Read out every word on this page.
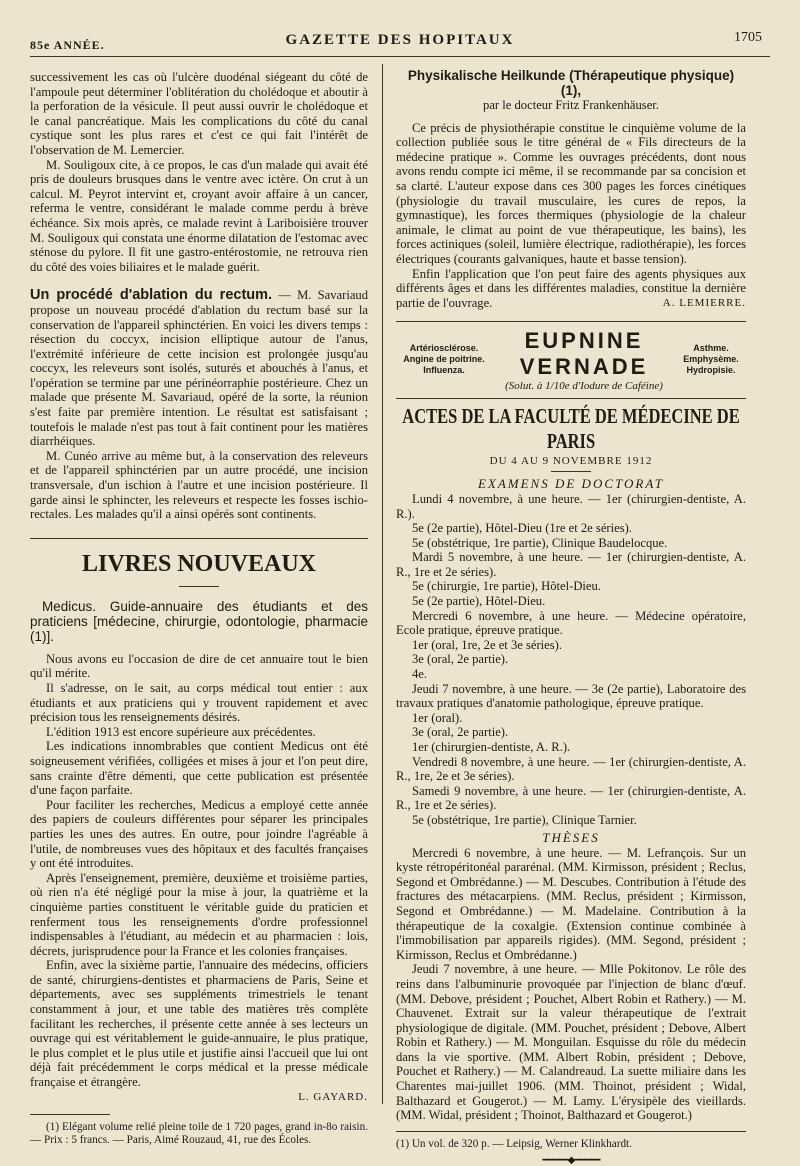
85e ANNÉE.	GAZETTE DES HOPITAUX	1705

successivement les cas où l'ulcère duodénal siégeant du côté de l'ampoule peut déterminer l'oblitération du cholédoque et aboutir à la perforation de la vésicule. Il peut aussi ouvrir le cholédoque et le canal pancréatique. Mais les complications du côté du canal cystique sont les plus rares et c'est ce qui fait l'intérêt de l'observation de M. Lemercier.

M. Souligoux cite, à ce propos, le cas d'un malade qui avait été pris de douleurs brusques dans le ventre avec ictère. On crut à un calcul. M. Peyrot intervint et, croyant avoir affaire à un cancer, referma le ventre, considérant le malade comme perdu à brève échéance. Six mois après, ce malade revint à Lariboisière trouver M. Souligoux qui constata une énorme dilatation de l'estomac avec sténose du pylore. Il fit une gastro-entérostomie, ne retrouva rien du côté des voies biliaires et le malade guérit.

Un procédé d'ablation du rectum. — M. Savariaud propose un nouveau procédé d'ablation du rectum basé sur la conservation de l'appareil sphinctérien. En voici les divers temps : résection du coccyx, incision elliptique autour de l'anus, l'extrémité inférieure de cette incision est prolongée jusqu'au coccyx, les releveurs sont isolés, suturés et abouchés à l'anus, et l'opération se termine par une périnéorraphie postérieure. Chez un malade que présente M. Savariaud, opéré de la sorte, la réunion s'est faite par première intention. Le résultat est satisfaisant ; toutefois le malade n'est pas tout à fait continent pour les matières diarrhéiques.

M. Cunéo arrive au même but, à la conservation des releveurs et de l'appareil sphinctérien par un autre procédé, une incision transversale, d'un ischion à l'autre et une incision postérieure. Il garde ainsi le sphincter, les releveurs et respecte les fosses ischio-rectales. Les malades qu'il a ainsi opérés sont continents.

LIVRES NOUVEAUX

Medicus. Guide-annuaire des étudiants et des praticiens [médecine, chirurgie, odontologie, pharmacie (1)].

Nous avons eu l'occasion de dire de cet annuaire tout le bien qu'il mérite.

Il s'adresse, on le sait, au corps médical tout entier : aux étudiants et aux praticiens qui y trouvent rapidement et avec précision tous les renseignements désirés.

L'édition 1913 est encore supérieure aux précédentes.

Les indications innombrables que contient Medicus ont été soigneusement vérifiées, colligées et mises à jour et l'on peut dire, sans crainte d'être démenti, que cette publication est présentée d'une façon parfaite.

Pour faciliter les recherches, Medicus a employé cette année des papiers de couleurs différentes pour séparer les principales parties les unes des autres. En outre, pour joindre l'agréable à l'utile, de nombreuses vues des hôpitaux et des facultés françaises y ont été introduites.

Après l'enseignement, première, deuxième et troisième parties, où rien n'a été négligé pour la mise à jour, la quatrième et la cinquième parties constituent le véritable guide du praticien et renferment tous les renseignements d'ordre professionnel indispensables à l'étudiant, au médecin et au pharmacien : lois, décrets, jurisprudence pour la France et les colonies françaises.

Enfin, avec la sixième partie, l'annuaire des médecins, officiers de santé, chirurgiens-dentistes et pharmaciens de Paris, Seine et départements, avec ses suppléments trimestriels le tenant constamment à jour, et une table des matières très complète facilitant les recherches, il présente cette année à ses lecteurs un ouvrage qui est véritablement le guide-annuaire, le plus pratique, le plus complet et le plus utile et justifie ainsi l'accueil que lui ont déjà fait précédemment le corps médical et la presse médicale française et étrangère.

L. GAYARD.

(1) Elégant volume relié pleine toile de 1 720 pages, grand in-8o raisin. — Prix : 5 francs. — Paris, Aimé Rouzaud, 41, rue des Écoles.

Physikalische Heilkunde (Thérapeutique physique) (1),
par le docteur Fritz Frankenhäuser.

Ce précis de physiothérapie constitue le cinquième volume de la collection publiée sous le titre général de « Fils directeurs de la médecine pratique ». Comme les ouvrages précédents, dont nous avons rendu compte ici même, il se recommande par sa concision et sa clarté. L'auteur expose dans ces 300 pages les forces cinétiques (physiologie du travail musculaire, les cures de repos, la gymnastique), les forces thermiques (physiologie de la chaleur animale, le climat au point de vue thérapeutique, les bains), les forces actiniques (soleil, lumière électrique, radiothérapie), les forces électriques (courants galvaniques, haute et basse tension).

Enfin l'application que l'on peut faire des agents physiques aux différents âges et dans les différentes maladies, constitue la dernière partie de l'ouvrage.	A. LEMIERRE.
Artériosclérose. Angine de poitrine. Influenza.
EUPNINE VERNADE
(Solut. à 1/10e d'Iodure de Caféine)
Asthme. Emphysème. Hydropisie.
ACTES DE LA FACULTÉ DE MÉDECINE DE PARIS
DU 4 AU 9 NOVEMBRE 1912
EXAMENS DE DOCTORAT

Lundi 4 novembre, à une heure. — 1er (chirurgien-dentiste, A. R.).

5e (2e partie), Hôtel-Dieu (1re et 2e séries).

5e (obstétrique, 1re partie), Clinique Baudelocque.

Mardi 5 novembre, à une heure. — 1er (chirurgien-dentiste, A. R., 1re et 2e séries).

5e (chirurgie, 1re partie), Hôtel-Dieu.

5e (2e partie), Hôtel-Dieu.

Mercredi 6 novembre, à une heure. — Médecine opératoire, Ecole pratique, épreuve pratique.

1er (oral, 1re, 2e et 3e séries).

3e (oral, 2e partie).

4e.

Jeudi 7 novembre, à une heure. — 3e (2e partie), Laboratoire des travaux pratiques d'anatomie pathologique, épreuve pratique.

1er (oral).

3e (oral, 2e partie).

1er (chirurgien-dentiste, A. R.).

Vendredi 8 novembre, à une heure. — 1er (chirurgien-dentiste, A. R., 1re, 2e et 3e séries).

Samedi 9 novembre, à une heure. — 1er (chirurgien-dentiste, A. R., 1re et 2e séries).

5e (obstétrique, 1re partie), Clinique Tarnier.

THÈSES

Mercredi 6 novembre, à une heure. — M. Lefrançois. Sur un kyste rétropéritonéal pararénal. (MM. Kirmisson, président ; Reclus, Segond et Ombrédanne.) — M. Descubes. Contribution à l'étude des fractures des métacarpiens. (MM. Reclus, président ; Kirmisson, Segond et Ombrédanne.) — M. Madelaine. Contribution à la thérapeutique de la coxalgie. (Extension continue combinée à l'immobilisation par appareils rigides). (MM. Segond, président ; Kirmisson, Reclus et Ombrédanne.)

Jeudi 7 novembre, à une heure. — Mlle Pokitonov. Le rôle des reins dans l'albuminurie provoquée par l'injection de blanc d'œuf. (MM. Debove, président ; Pouchet, Albert Robin et Rathery.) — M. Chauvenet. Extrait sur la valeur thérapeutique de l'extrait physiologique de digitale. (MM. Pouchet, président ; Debove, Albert Robin et Rathery.) — M. Monguilan. Esquisse du rôle du médecin dans la vie sportive. (MM. Albert Robin, président ; Debove, Pouchet et Rathery.) — M. Calandreaud. La suette miliaire dans les Charentes mai-juillet 1906. (MM. Thoinot, président ; Widal, Balthazard et Gougerot.) — M. Lamy. L'érysipèle des vieillards. (MM. Widal, président ; Thoinot, Balthazard et Gougerot.)

(1) Un vol. de 320 p. — Leipsig, Werner Klinkhardt.

━━━━━◆━━━━━
